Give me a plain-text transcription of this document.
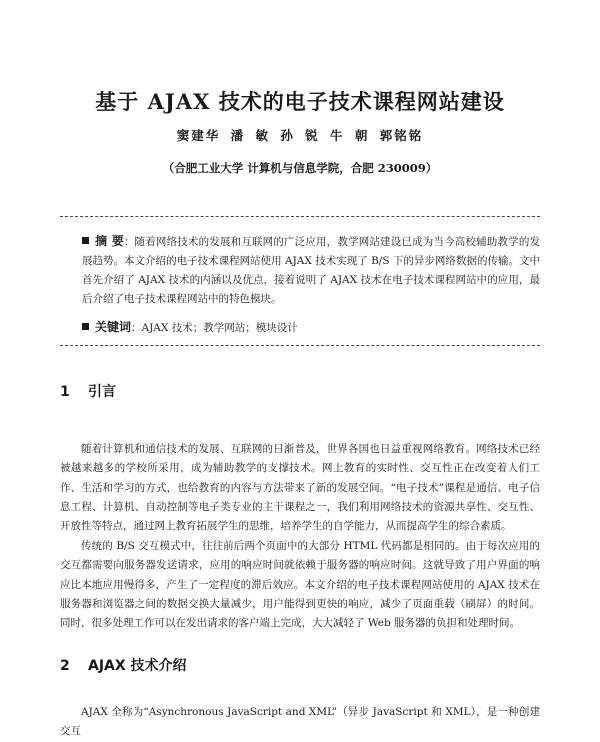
基于 AJAX 技术的电子技术课程网站建设
窦建华 潘 敏 孙 锐 牛 朝 郭铭铭
（合肥工业大学 计算机与信息学院，合肥 230009）
摘 要：随着网络技术的发展和互联网的广泛应用，教学网站建设已成为当今高校辅助教学的发展趋势。本文介绍的电子技术课程网站使用 AJAX 技术实现了 B/S 下的异步网络数据的传输。文中首先介绍了 AJAX 技术的内涵以及优点，接着说明了 AJAX 技术在电子技术课程网站中的应用，最后介绍了电子技术课程网站中的特色模块。
关键词：AJAX 技术；教学网站；模块设计
1 引言
随着计算机和通信技术的发展、互联网的日渐普及，世界各国也日益重视网络教育。网络技术已经被越来越多的学校所采用，成为辅助教学的支撑技术。网上教育的实时性、交互性正在改变着人们工作、生活和学习的方式，也给教育的内容与方法带来了新的发展空间。“电子技术”课程是通信、电子信息工程、计算机、自动控制等电子类专业的主干课程之一，我们利用网络技术的资源共享性、交互性、开放性等特点，通过网上教育拓展学生的思维，培养学生的自学能力，从而提高学生的综合素质。
传统的 B/S 交互模式中，往往前后两个页面中的大部分 HTML 代码都是相同的。由于每次应用的交互都需要向服务器发送请求，应用的响应时间就依赖于服务器的响应时间。这就导致了用户界面的响应比本地应用慢得多，产生了一定程度的滞后效应。本文介绍的电子技术课程网站使用的 AJAX 技术在服务器和浏览器之间的数据交换大量减少，用户能得到更快的响应，减少了页面重载（刷屏）的时间。同时，很多处理工作可以在发出请求的客户端上完成，大大减轻了 Web 服务器的负担和处理时间。
2 AJAX 技术介绍
AJAX 全称为“Asynchronous JavaScript and XML”（异步 JavaScript 和 XML），是一种创建交互
